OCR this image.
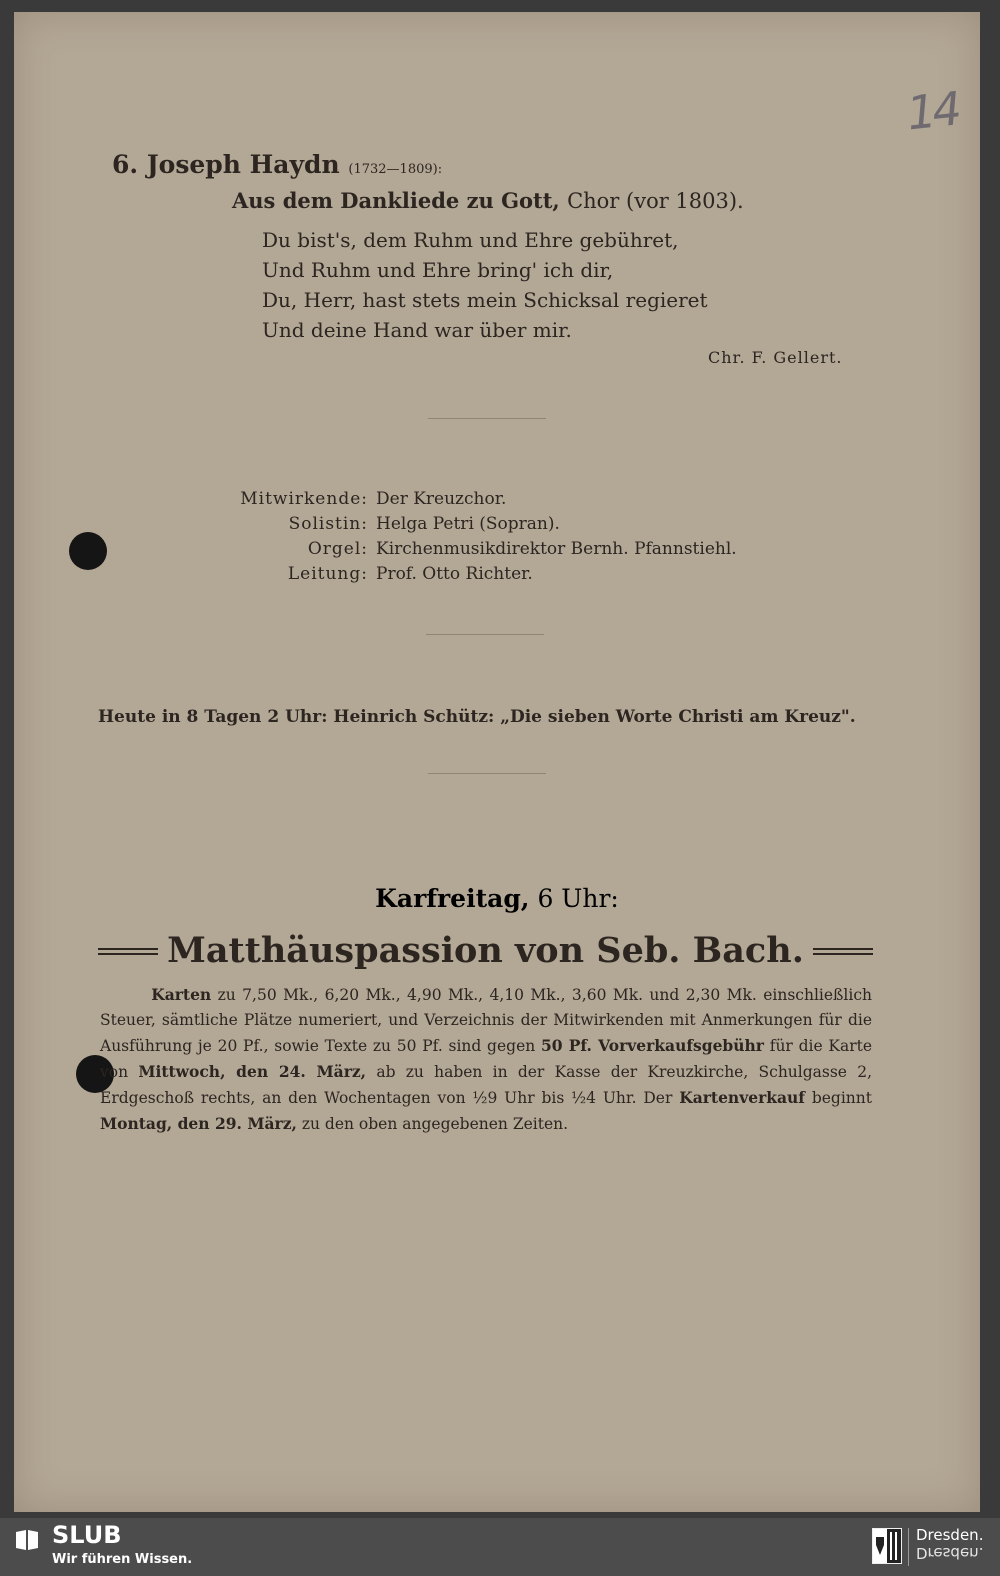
14
6. Joseph Haydn (1732—1809):
Aus dem Dankliede zu Gott, Chor (vor 1803).
Du bist's, dem Ruhm und Ehre gebühret,
Und Ruhm und Ehre bring' ich dir,
Du, Herr, hast stets mein Schicksal regieret
Und deine Hand war über mir.
Chr. F. Gellert.
Mitwirkende: Der Kreuzchor.
Solistin: Helga Petri (Sopran).
Orgel: Kirchenmusikdirektor Bernh. Pfannstiehl.
Leitung: Prof. Otto Richter.
Heute in 8 Tagen 2 Uhr: Heinrich Schütz: „Die sieben Worte Christi am Kreuz".
Karfreitag, 6 Uhr:
Matthäuspassion von Seb. Bach.
Karten zu 7,50 Mk., 6,20 Mk., 4,90 Mk., 4,10 Mk., 3,60 Mk. und 2,30 Mk. einschließlich Steuer, sämtliche Plätze numeriert, und Verzeichnis der Mitwirkenden mit Anmerkungen für die Ausführung je 20 Pf., sowie Texte zu 50 Pf. sind gegen 50 Pf. Vorverkaufsgebühr für die Karte von Mittwoch, den 24. März, ab zu haben in der Kasse der Kreuzkirche, Schulgasse 2, Erdgeschoß rechts, an den Wochentagen von ½9 Uhr bis ½4 Uhr. Der Kartenverkauf beginnt Montag, den 29. März, zu den oben angegebenen Zeiten.
SLUB
Wir führen Wissen.
Dresden.
Dresden.
